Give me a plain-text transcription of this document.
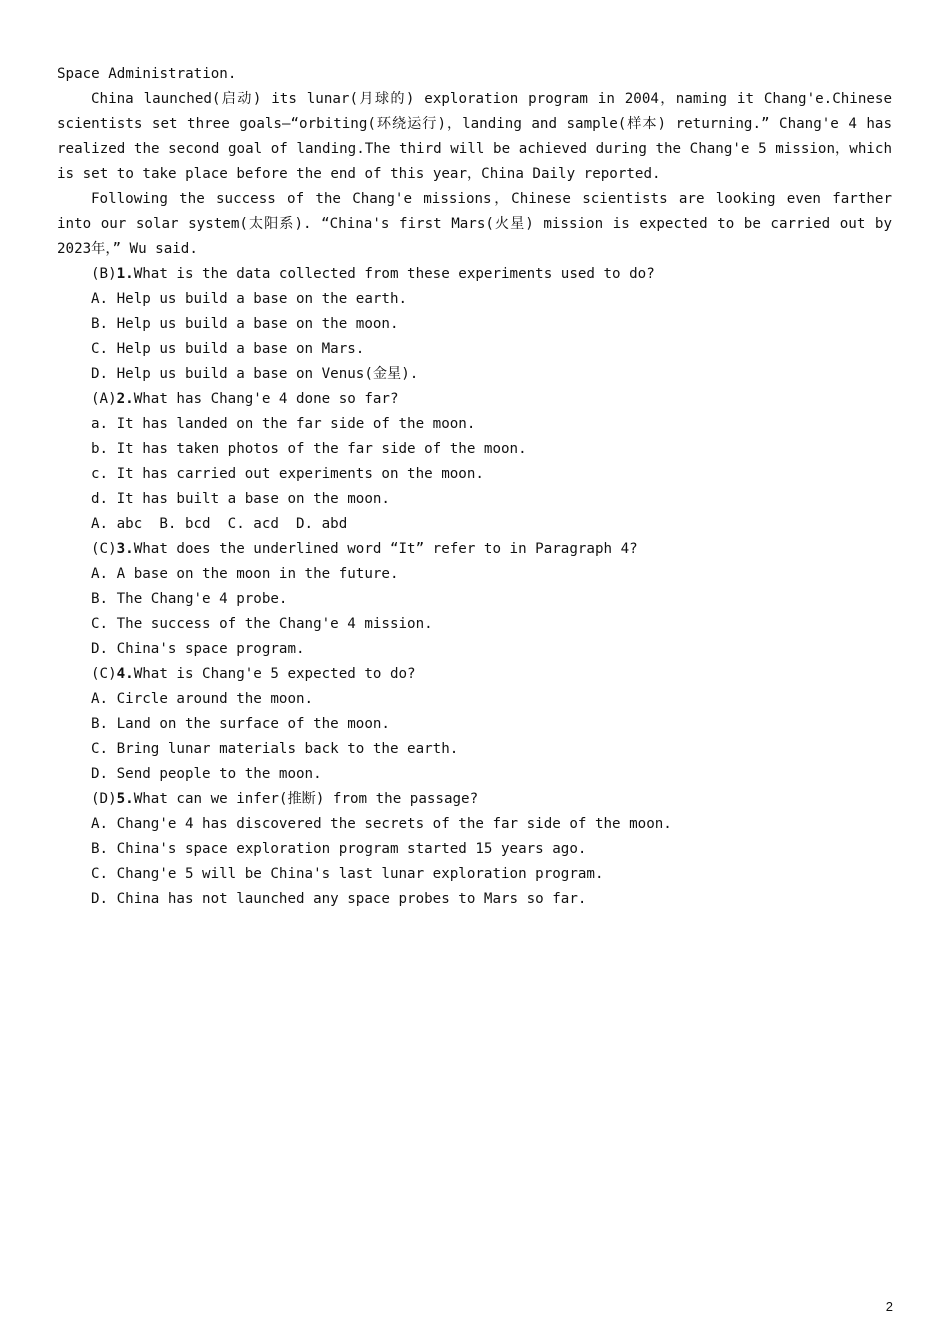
Space Administration.

China launched(启动) its lunar(月球的) exploration program in 2004，naming it Chang'e.Chinese scientists set three goals—“orbiting(环绕运行)，landing and sample(样本) returning.” Chang'e 4 has realized the second goal of landing.The third will be achieved during the Chang'e 5 mission，which is set to take place before the end of this year，China Daily reported.

Following the success of the Chang'e missions，Chinese scientists are looking even farther into our solar system(太阳系). “China's first Mars(火星) mission is expected to be carried out by 2023年，” Wu said.

(B)1.What is the data collected from these experiments used to do?

A. Help us build a base on the earth.

B. Help us build a base on the moon.

C. Help us build a base on Mars.

D. Help us build a base on Venus(金星).

(A)2.What has Chang'e 4 done so far?

a. It has landed on the far side of the moon.

b. It has taken photos of the far side of the moon.

c. It has carried out experiments on the moon.

d. It has built a base on the moon.

A. abc  B. bcd  C. acd  D. abd

(C)3.What does the underlined word “It” refer to in Paragraph 4?

A. A base on the moon in the future.

B. The Chang'e 4 probe.

C. The success of the Chang'e 4 mission.

D. China's space program.

(C)4.What is Chang'e 5 expected to do?

A. Circle around the moon.

B. Land on the surface of the moon.

C. Bring lunar materials back to the earth.

D. Send people to the moon.

(D)5.What can we infer(推断) from the passage?

A. Chang'e 4 has discovered the secrets of the far side of the moon.

B. China's space exploration program started 15 years ago.

C. Chang'e 5 will be China's last lunar exploration program.

D. China has not launched any space probes to Mars so far.

2
